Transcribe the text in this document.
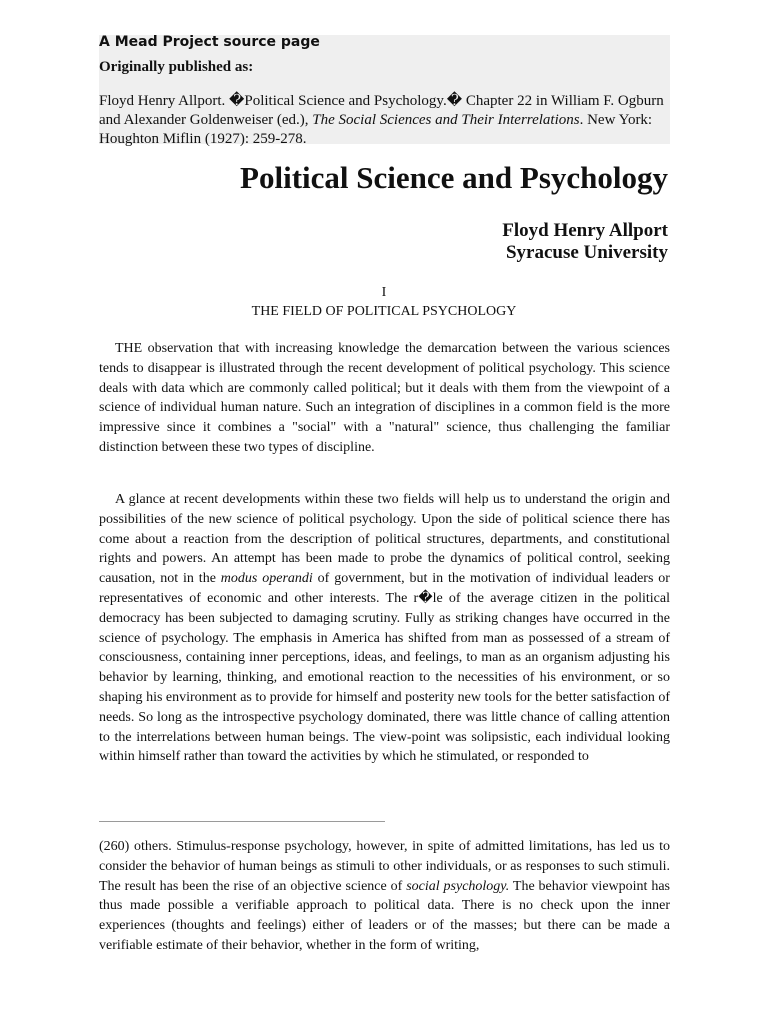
A Mead Project source page
Originally published as:
Floyd Henry Allport. �Political Science and Psychology.� Chapter 22 in William F. Ogburn and Alexander Goldenweiser (ed.), The Social Sciences and Their Interrelations. New York: Houghton Miflin (1927): 259-278.
Political Science and Psychology
Floyd Henry Allport
Syracuse University
I
THE FIELD OF POLITICAL PSYCHOLOGY

THE observation that with increasing knowledge the demarcation between the various sciences tends to disappear is illustrated through the recent development of political psychology. This science deals with data which are commonly called political; but it deals with them from the viewpoint of a science of individual human nature. Such an integration of disciplines in a common field is the more impressive since it combines a "social" with a "natural" science, thus challenging the familiar distinction between these two types of discipline.

A glance at recent developments within these two fields will help us to understand the origin and possibilities of the new science of political psychology. Upon the side of political science there has come about a reaction from the description of political structures, departments, and constitutional rights and powers. An attempt has been made to probe the dynamics of political control, seeking causation, not in the modus operandi of government, but in the motivation of individual leaders or representatives of economic and other interests. The r�le of the average citizen in the political democracy has been subjected to damaging scrutiny. Fully as striking changes have occurred in the science of psychology. The emphasis in America has shifted from man as possessed of a stream of consciousness, containing inner perceptions, ideas, and feelings, to man as an organism adjusting his behavior by learning, thinking, and emotional reaction to the necessities of his environment, or so shaping his environment as to provide for himself and posterity new tools for the better satisfaction of needs. So long as the introspective psychology dominated, there was little chance of calling attention to the interrelations between human beings. The view-point was solipsistic, each individual looking within himself rather than toward the activities by which he stimulated, or responded to

(260) others. Stimulus-response psychology, however, in spite of admitted limitations, has led us to consider the behavior of human beings as stimuli to other individuals, or as responses to such stimuli. The result has been the rise of an objective science of social psychology. The behavior viewpoint has thus made possible a verifiable approach to political data. There is no check upon the inner experiences (thoughts and feelings) either of leaders or of the masses; but there can be made a verifiable estimate of their behavior, whether in the form of writing,
